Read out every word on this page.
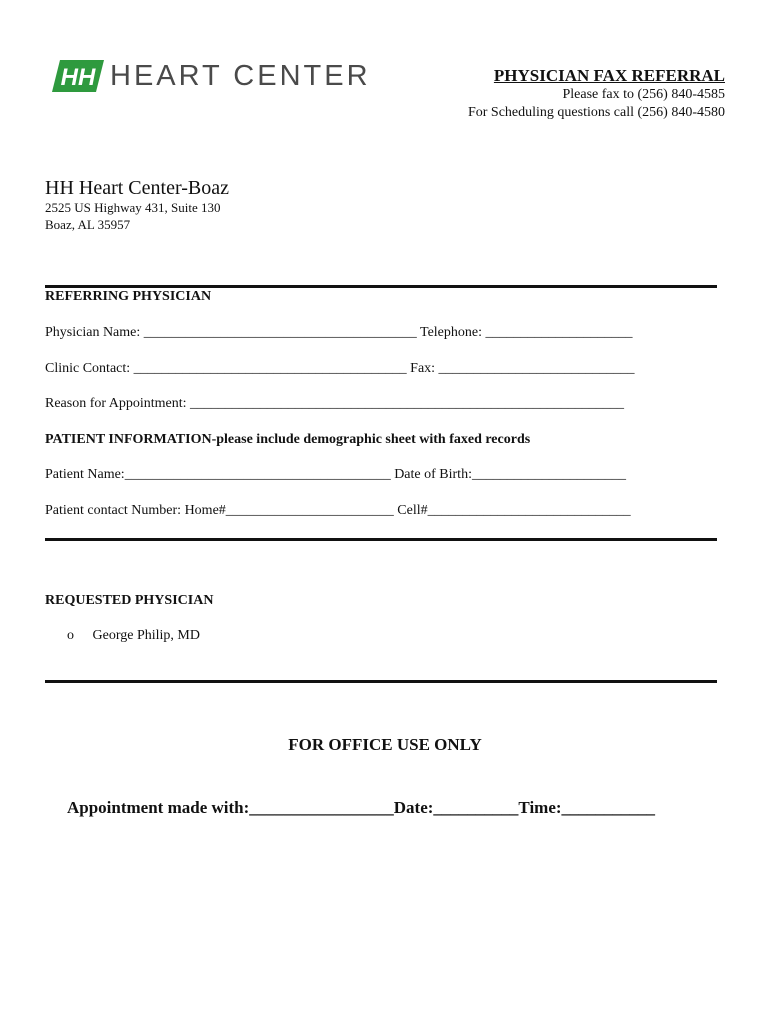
HH HEART CENTER	PHYSICIAN FAX REFERRAL
Please fax to (256) 840-4585
For Scheduling questions call (256) 840-4580
HH Heart Center-Boaz
2525 US Highway 431, Suite 130
Boaz, AL 35957
REFERRING PHYSICIAN
Physician Name: _______________________________________ Telephone: _____________________
Clinic Contact: _______________________________________ Fax: ____________________________
Reason for Appointment: ______________________________________________________________
PATIENT INFORMATION-please include demographic sheet with faxed records
Patient Name:______________________________________ Date of Birth:______________________
Patient contact Number: Home#________________________ Cell#_____________________________
REQUESTED PHYSICIAN
o George Philip, MD
FOR OFFICE USE ONLY
Appointment made with:_________________Date:__________Time:___________
